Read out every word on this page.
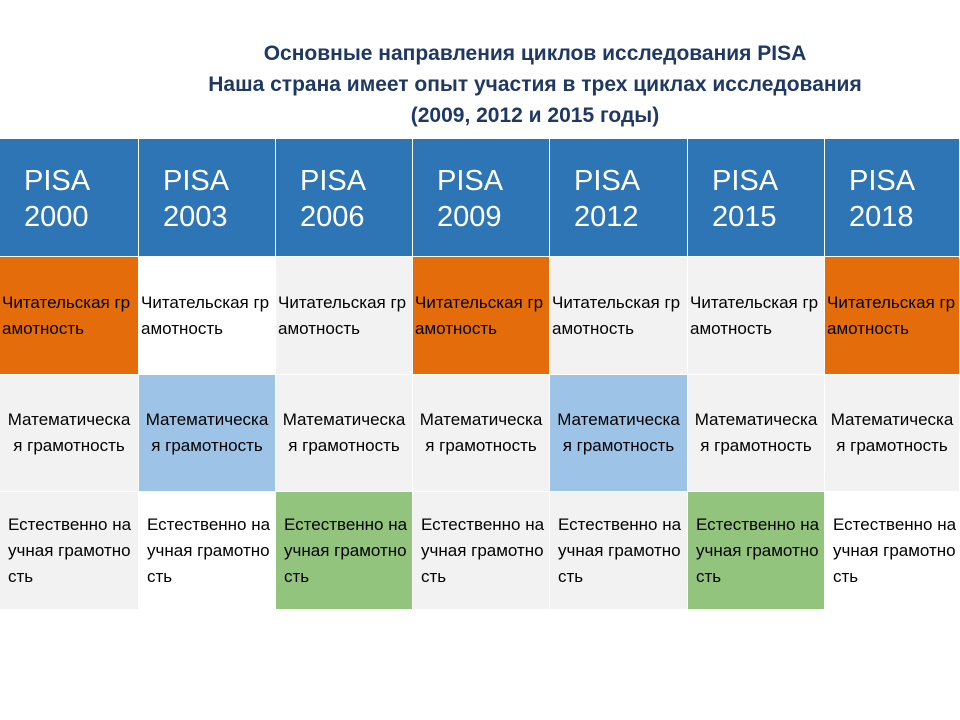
Основные направления циклов исследования PISA
Наша страна имеет опыт участия в трех циклах исследования
(2009, 2012 и 2015 годы)
PISA 2000
PISA 2003
PISA 2006
PISA 2009
PISA 2012
PISA 2015
PISA 2018
Читательская грамотность
Читательская грамотность
Читательская грамотность
Читательская грамотность
Читательская грамотность
Читательская грамотность
Читательская грамотность
Математическая грамотность
Математическая грамотность
Математическая грамотность
Математическая грамотность
Математическая грамотность
Математическая грамотность
Математическая грамотность
Естественно научная грамотность
Естественно научная грамотность
Естественно научная грамотность
Естественно научная грамотность
Естественно научная грамотность
Естественно научная грамотность
Естественно научная грамотность
